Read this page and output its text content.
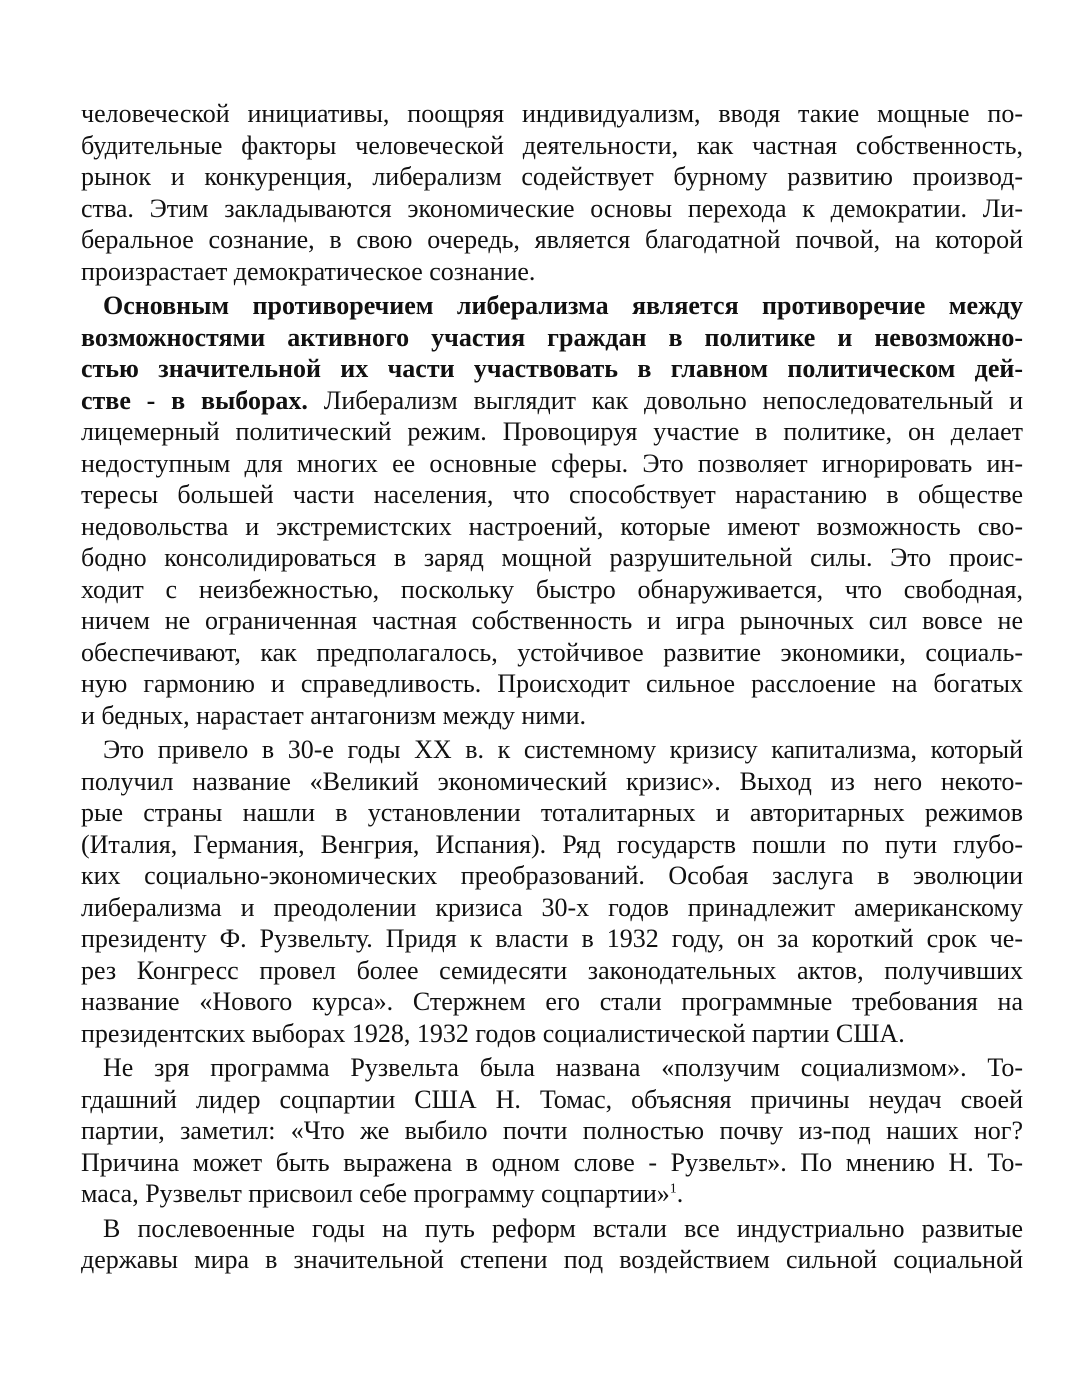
человеческой инициативы, поощряя индивидуализм, вводя такие мощные по-
будительные факторы человеческой деятельности, как частная собственность,
рынок и конкуренция, либерализм содействует бурному развитию производ-
ства. Этим закладываются экономические основы перехода к демократии. Ли-
беральное сознание, в свою очередь, является благодатной почвой, на которой
произрастает демократическое сознание.
Основным противоречием либерализма является противоречие между
возможностями активного участия граждан в политике и невозможно-
стью значительной их части участвовать в главном политическом дей-
стве - в выборах. Либерализм выглядит как довольно непоследовательный и
лицемерный политический режим. Провоцируя участие в политике, он делает
недоступным для многих ее основные сферы. Это позволяет игнорировать ин-
тересы большей части населения, что способствует нарастанию в обществе
недовольства и экстремистских настроений, которые имеют возможность сво-
бодно консолидироваться в заряд мощной разрушительной силы. Это проис-
ходит с неизбежностью, поскольку быстро обнаруживается, что свободная,
ничем не ограниченная частная собственность и игра рыночных сил вовсе не
обеспечивают, как предполагалось, устойчивое развитие экономики, социаль-
ную гармонию и справедливость. Происходит сильное расслоение на богатых
и бедных, нарастает антагонизм между ними.
Это привело в 30-е годы XX в. к системному кризису капитализма, который
получил название «Великий экономический кризис». Выход из него некото-
рые страны нашли в установлении тоталитарных и авторитарных режимов
(Италия, Германия, Венгрия, Испания). Ряд государств пошли по пути глубо-
ких социально-экономических преобразований. Особая заслуга в эволюции
либерализма и преодолении кризиса 30-х годов принадлежит американскому
президенту Ф. Рузвельту. Придя к власти в 1932 году, он за короткий срок че-
рез Конгресс провел более семидесяти законодательных актов, получивших
название «Нового курса». Стержнем его стали программные требования на
президентских выборах 1928, 1932 годов социалистической партии США.
Не зря программа Рузвельта была названа «ползучим социализмом». То-
гдашний лидер соцпартии США Н. Томас, объясняя причины неудач своей
партии, заметил: «Что же выбило почти полностью почву из-под наших ног?
Причина может быть выражена в одном слове - Рузвельт». По мнению Н. То-
маса, Рузвельт присвоил себе программу соцпартии»$^1$.
В послевоенные годы на путь реформ встали все индустриально развитые
державы мира в значительной степени под воздействием сильной социальной
